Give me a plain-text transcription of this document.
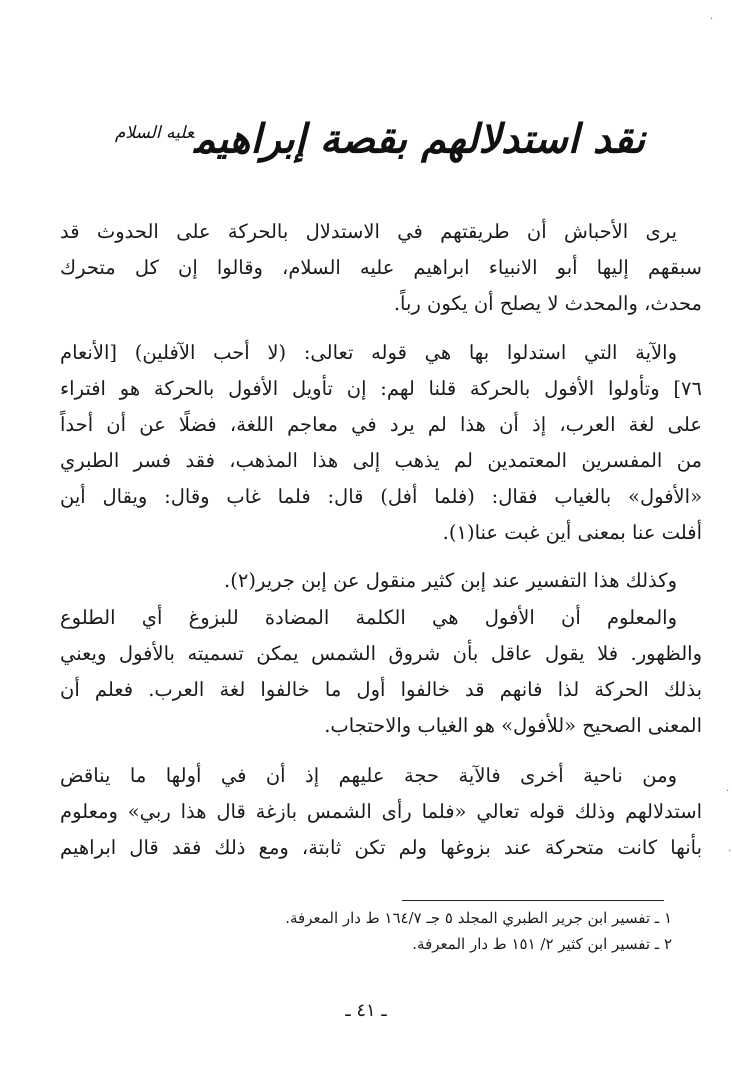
نقد استدلالهم بقصة إبراهيم$^{عليه السلام}$
يرى الأحباش أن طريقتهم في الاستدلال بالحركة على الحدوث قد
سبقهم إليها أبو الانبياء ابراهيم عليه السلام، وقالوا إن كل متحرك
محدث، والمحدث لا يصلح أن يكون رباً.
والآية التي استدلوا بها هي قوله تعالى: (لا أحب الآفلين) [الأنعام
٧٦] وتأولوا الأفول بالحركة قلنا لهم: إن تأويل الأفول بالحركة هو افتراء
على لغة العرب، إذ أن هذا لم يرد في معاجم اللغة، فضلًا عن أن أحداً
من المفسرين المعتمدين لم يذهب إلى هذا المذهب، فقد فسر الطبري
«الأفول» بالغياب فقال: (فلما أفل) قال: فلما غاب وقال: ويقال أين
أفلت عنا بمعنى أين غبت عنا(١).
وكذلك هذا التفسير عند إبن كثير منقول عن إبن جرير(٢).
والمعلوم أن الأفول هي الكلمة المضادة للبزوغ أي الطلوع
والظهور. فلا يقول عاقل بأن شروق الشمس يمكن تسميته بالأفول ويعني
بذلك الحركة لذا فانهم قد خالفوا أول ما خالفوا لغة العرب. فعلم أن
المعنى الصحيح «للأفول» هو الغياب والاحتجاب.
ومن ناحية أخرى فالآية حجة عليهم إذ أن في أولها ما يناقض
استدلالهم وذلك قوله تعالي «فلما رأى الشمس بازغة قال هذا ربي» ومعلوم
بأنها كانت متحركة عند بزوغها ولم تكن ثابتة، ومع ذلك فقد قال ابراهيم
١ ـ تفسير ابن جرير الطبري المجلد ٥ جـ ١٦٤/٧ ط دار المعرفة.
٢ ـ تفسير ابن كثير ٢/ ١٥١ ط دار المعرفة.
ـ ٤١ ـ
·
·
·
